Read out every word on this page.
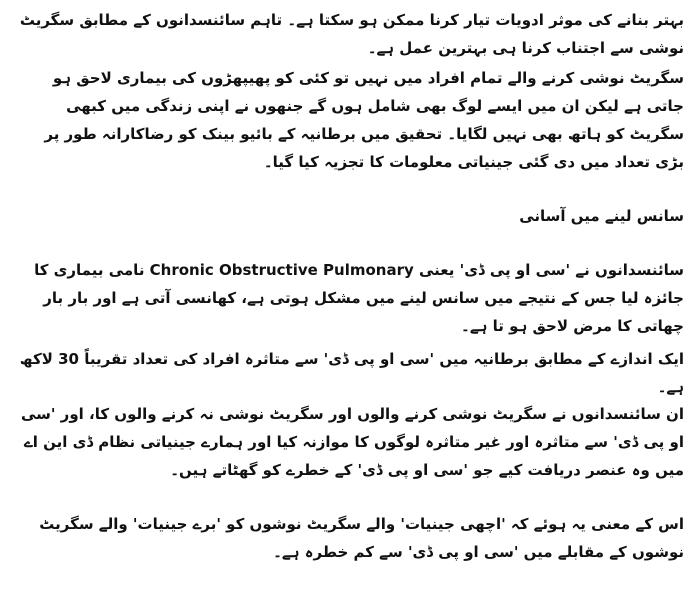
بہتر بنانے کی موثر ادویات تیار کرنا ممکن ہو سکتا ہے۔ تاہم سائنسدانوں کے مطابق سگریٹ نوشی سے اجتناب کرنا ہی بہترین عمل ہے۔

سگریٹ نوشی کرنے والے تمام افراد میں نہیں تو کئی کو پھیپھڑوں کی بیماری لاحق ہو جاتی ہے لیکن ان میں ایسے لوگ بھی شامل ہوں گے جنھوں نے اپنی زندگی میں کبھی سگریٹ کو ہاتھ بھی نہیں لگایا۔ تحقیق میں برطانیہ کے بائیو بینک کو رضاکارانہ طور پر بڑی تعداد میں دی گئی جینیاتی معلومات کا تجزیہ کیا گیا۔

سانس لینے میں آسانی

سائنسدانوں نے 'سی او پی ڈی' یعنی Chronic Obstructive Pulmonary نامی بیماری کا جائزہ لیا جس کے نتیجے میں سانس لینے میں مشکل ہوتی ہے، کھانسی آتی ہے اور بار بار چھاتی کا مرض لاحق ہو تا ہے۔

ایک اندازے کے مطابق برطانیہ میں 'سی او پی ڈی' سے متاثرہ افراد کی تعداد تقریباً 30 لاکھ ہے۔

ان سائنسدانوں نے سگریٹ نوشی کرنے والوں اور سگریٹ نوشی نہ کرنے والوں کا، اور 'سی او پی ڈی' سے متاثرہ اور غیر متاثرہ لوگوں کا موازنہ کیا اور ہمارے جینیاتی نظام ڈی این اے میں وہ عنصر دریافت کیے جو 'سی او پی ڈی' کے خطرے کو گھٹاتے ہیں۔

اس کے معنی یہ ہوئے کہ 'اچھی جینیات' والے سگریٹ نوشوں کو 'برے جینیات' والے سگریٹ نوشوں کے مقابلے میں 'سی او پی ڈی' سے کم خطرہ ہے۔
